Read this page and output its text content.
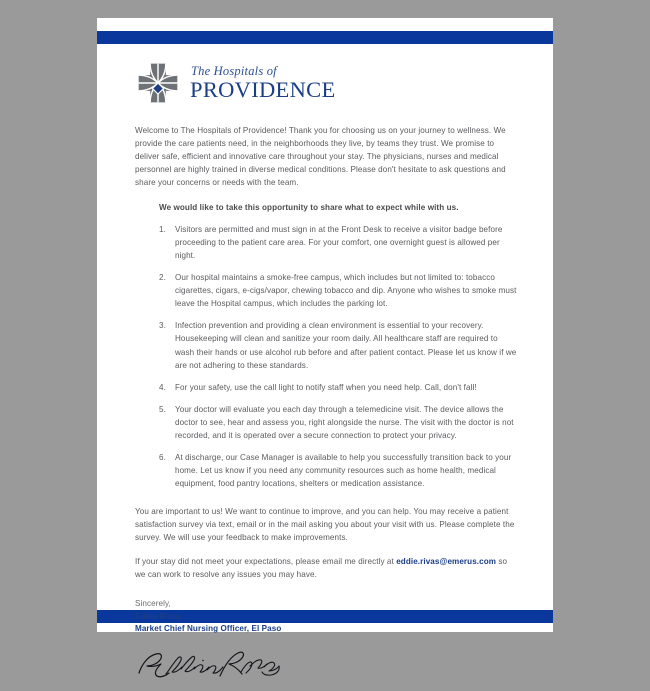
The Hospitals of
PROVIDENCE

Welcome to The Hospitals of Providence! Thank you for choosing us on your journey to wellness. We provide the care patients need, in the neighborhoods they live, by teams they trust. We promise to deliver safe, efficient and innovative care throughout your stay. The physicians, nurses and medical personnel are highly trained in diverse medical conditions. Please don't hesitate to ask questions and share your concerns or needs with the team.

We would like to take this opportunity to share what to expect while with us.

Visitors are permitted and must sign in at the Front Desk to receive a visitor badge before proceeding to the patient care area. For your comfort, one overnight guest is allowed per night.
Our hospital maintains a smoke-free campus, which includes but not limited to: tobacco cigarettes, cigars, e-cigs/vapor, chewing tobacco and dip. Anyone who wishes to smoke must leave the Hospital campus, which includes the parking lot.
Infection prevention and providing a clean environment is essential to your recovery. Housekeeping will clean and sanitize your room daily. All healthcare staff are required to wash their hands or use alcohol rub before and after patient contact. Please let us know if we are not adhering to these standards.
For your safety, use the call light to notify staff when you need help. Call, don't fall!
Your doctor will evaluate you each day through a telemedicine visit. The device allows the doctor to see, hear and assess you, right alongside the nurse. The visit with the doctor is not recorded, and it is operated over a secure connection to protect your privacy.
At discharge, our Case Manager is available to help you successfully transition back to your home. Let us know if you need any community resources such as home health, medical equipment, food pantry locations, shelters or medication assistance.

You are important to us! We want to continue to improve, and you can help. You may receive a patient satisfaction survey via text, email or in the mail asking you about your visit with us. Please complete the survey. We will use your feedback to make improvements.

If your stay did not meet your expectations, please email me directly at eddie.rivas@emerus.com so we can work to resolve any issues you may have.

Sincerely,

Eddie Rivas

Market Chief Nursing Officer, El Paso
